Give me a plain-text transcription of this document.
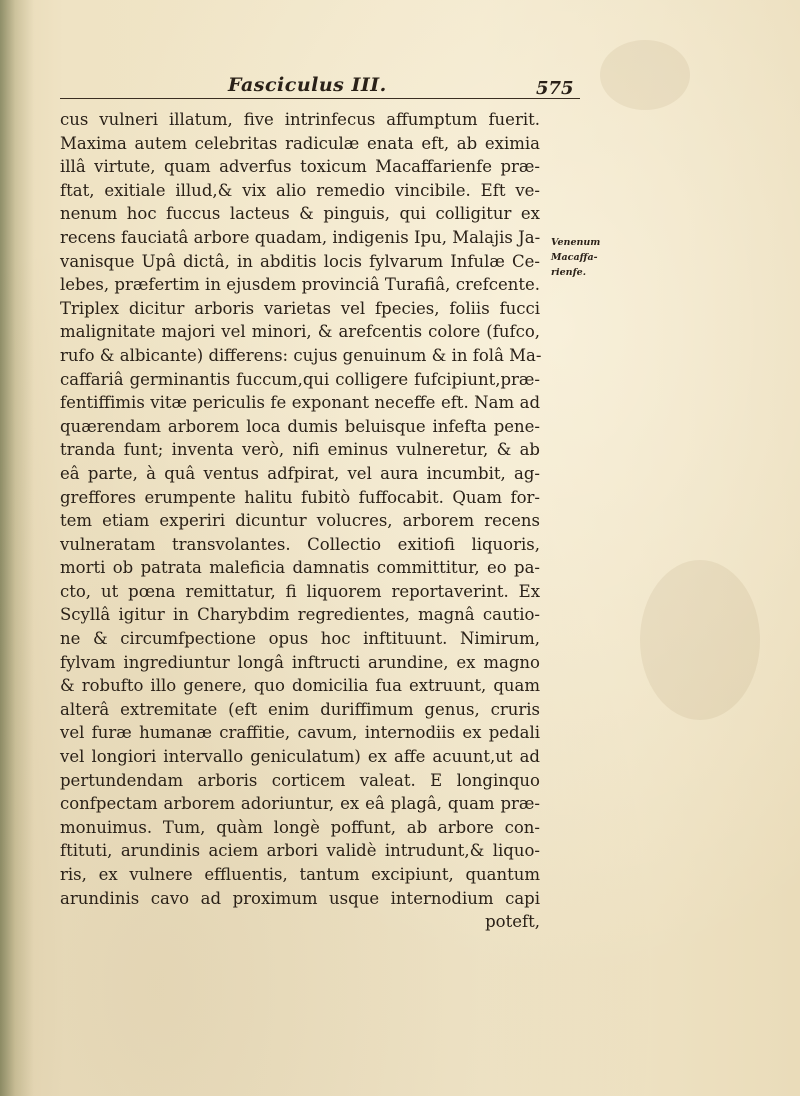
Fasciculus III.	575
cus vulneri illatum, five intrinfecus affumptum fuerit.
Maxima autem celebritas radiculæ enata eft, ab eximia
illâ virtute, quam adverfus toxicum Macaffarienfe præ-
ftat, exitiale illud,& vix alio remedio vincibile. Eft ve-
nenum hoc fuccus lacteus & pinguis, qui colligitur ex
recens fauciatâ arbore quadam, indigenis Ipu, Malajis Ja-
vanisque Upâ dictâ, in abditis locis fylvarum Infulæ Ce-
lebes, præfertim in ejusdem provinciâ Turafiâ, crefcente.
Triplex dicitur arboris varietas vel fpecies, foliis fucci
malignitate majori vel minori, & arefcentis colore (fufco,
rufo & albicante) differens: cujus genuinum & in folâ Ma-
caffariâ germinantis fuccum,qui colligere fufcipiunt,præ-
fentiffimis vitæ periculis fe exponant neceffe eft. Nam ad
quærendam arborem loca dumis beluisque infefta pene-
tranda funt; inventa verò, nifi eminus vulneretur, & ab
eâ parte, à quâ ventus adfpirat, vel aura incumbit, ag-
greffores erumpente halitu fubitò fuffocabit. Quam for-
tem etiam experiri dicuntur volucres, arborem recens
vulneratam transvolantes. Collectio exitiofi liquoris,
morti ob patrata maleficia damnatis committitur, eo pa-
cto, ut pœna remittatur, fi liquorem reportaverint. Ex
Scyllâ igitur in Charybdim regredientes, magnâ cautio-
ne & circumfpectione opus hoc inftituunt. Nimirum,
fylvam ingrediuntur longâ inftructi arundine, ex magno
& robufto illo genere, quo domicilia fua extruunt, quam
alterâ extremitate (eft enim duriffimum genus, cruris
vel furæ humanæ craffitie, cavum, internodiis ex pedali
vel longiori intervallo geniculatum) ex affe acuunt,ut ad
pertundendam arboris corticem valeat. E longinquo
confpectam arborem adoriuntur, ex eâ plagâ, quam præ-
monuimus. Tum, quàm longè poffunt, ab arbore con-
ftituti, arundinis aciem arbori validè intrudunt,& liquo-
ris, ex vulnere effluentis, tantum excipiunt, quantum
arundinis cavo ad proximum usque internodium capi
poteft,
Venenum
Macaffa-
rienfe.
